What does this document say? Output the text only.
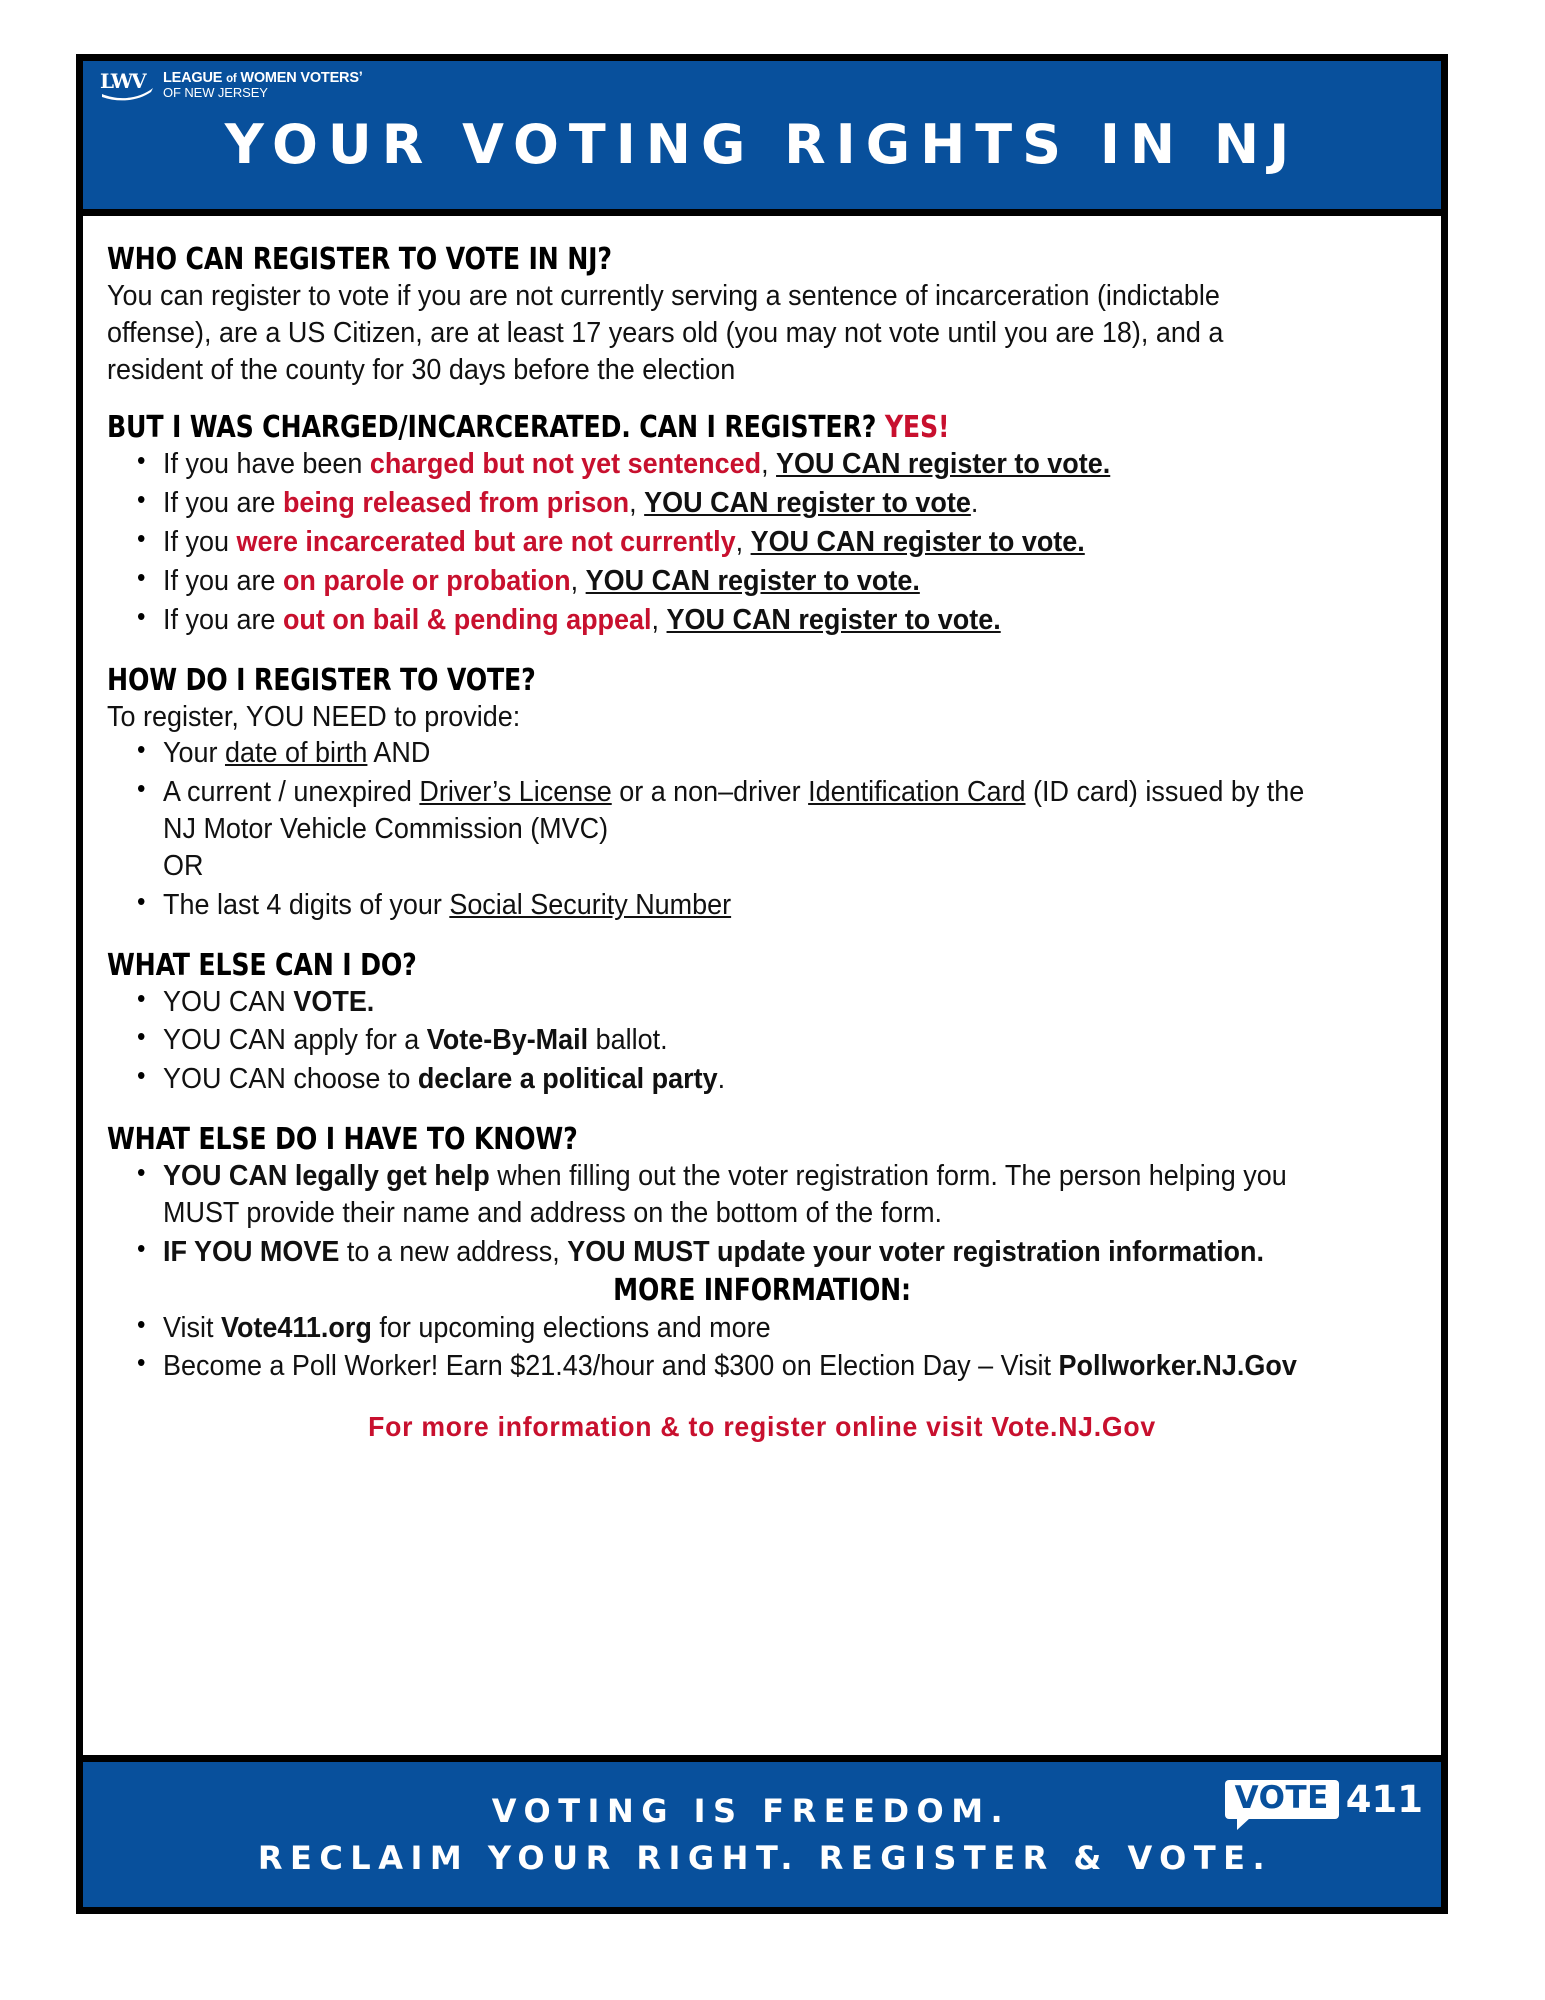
LWV LEAGUE of WOMEN VOTERSʼ
OF NEW JERSEY
YOUR VOTING RIGHTS IN NJ
WHO CAN REGISTER TO VOTE IN NJ?

You can register to vote if you are not currently serving a sentence of incarceration (indictable offense), are a US Citizen, are at least 17 years old (you may not vote until you are 18), and a resident of the county for 30 days before the election

BUT I WAS CHARGED/INCARCERATED. CAN I REGISTER? YES!
• If you have been charged but not yet sentenced, YOU CAN register to vote.
• If you are being released from prison, YOU CAN register to vote.
• If you were incarcerated but are not currently, YOU CAN register to vote.
• If you are on parole or probation, YOU CAN register to vote.
• If you are out on bail & pending appeal, YOU CAN register to vote.
HOW DO I REGISTER TO VOTE?

To register, YOU NEED to provide:

• Your date of birth AND
• A current / unexpired Driver’s License or a non–driver Identification Card (ID card) issued by the NJ Motor Vehicle Commission (MVC)
OR
• The last 4 digits of your Social Security Number
WHAT ELSE CAN I DO?
• YOU CAN VOTE.
• YOU CAN apply for a Vote-By-Mail ballot.
• YOU CAN choose to declare a political party.
WHAT ELSE DO I HAVE TO KNOW?
• YOU CAN legally get help when filling out the voter registration form. The person helping you MUST provide their name and address on the bottom of the form.
• IF YOU MOVE to a new address, YOU MUST update your voter registration information.
MORE INFORMATION:
• Visit Vote411.org for upcoming elections and more
• Become a Poll Worker! Earn $21.43/hour and $300 on Election Day – Visit Pollworker.NJ.Gov
For more information & to register online visit Vote.NJ.Gov
VOTING IS FREEDOM.
RECLAIM YOUR RIGHT. REGISTER & VOTE.
VOTE 411
